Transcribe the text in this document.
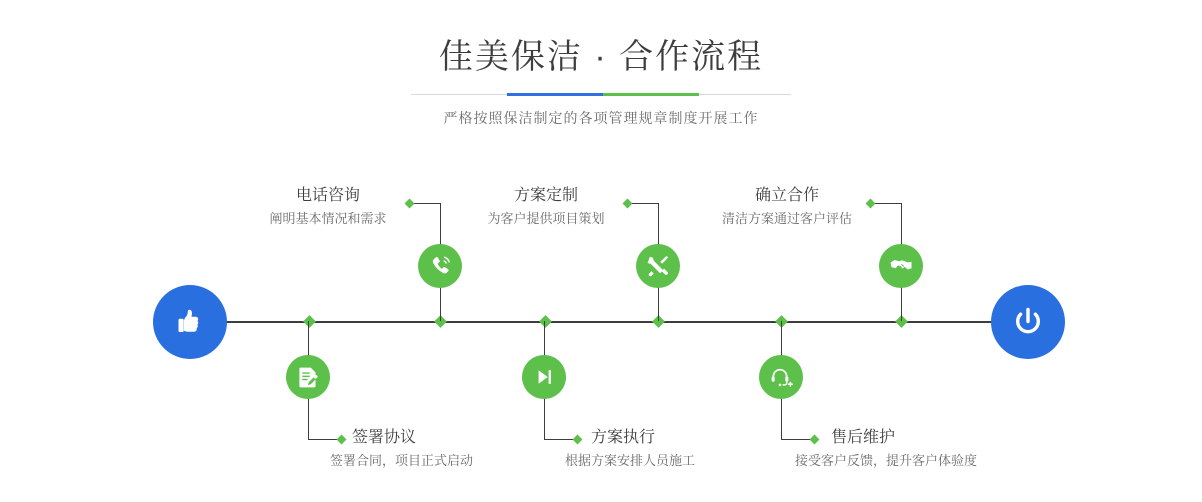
佳美保洁 · 合作流程

严格按照保洁制定的各项管理规章制度开展工作

电话咨询
阐明基本情况和需求
签署协议
签署合同，项目正式启动
方案定制
为客户提供项目策划
方案执行
根据方案安排人员施工
确立合作
清洁方案通过客户评估
售后维护
接受客户反馈，提升客户体验度
